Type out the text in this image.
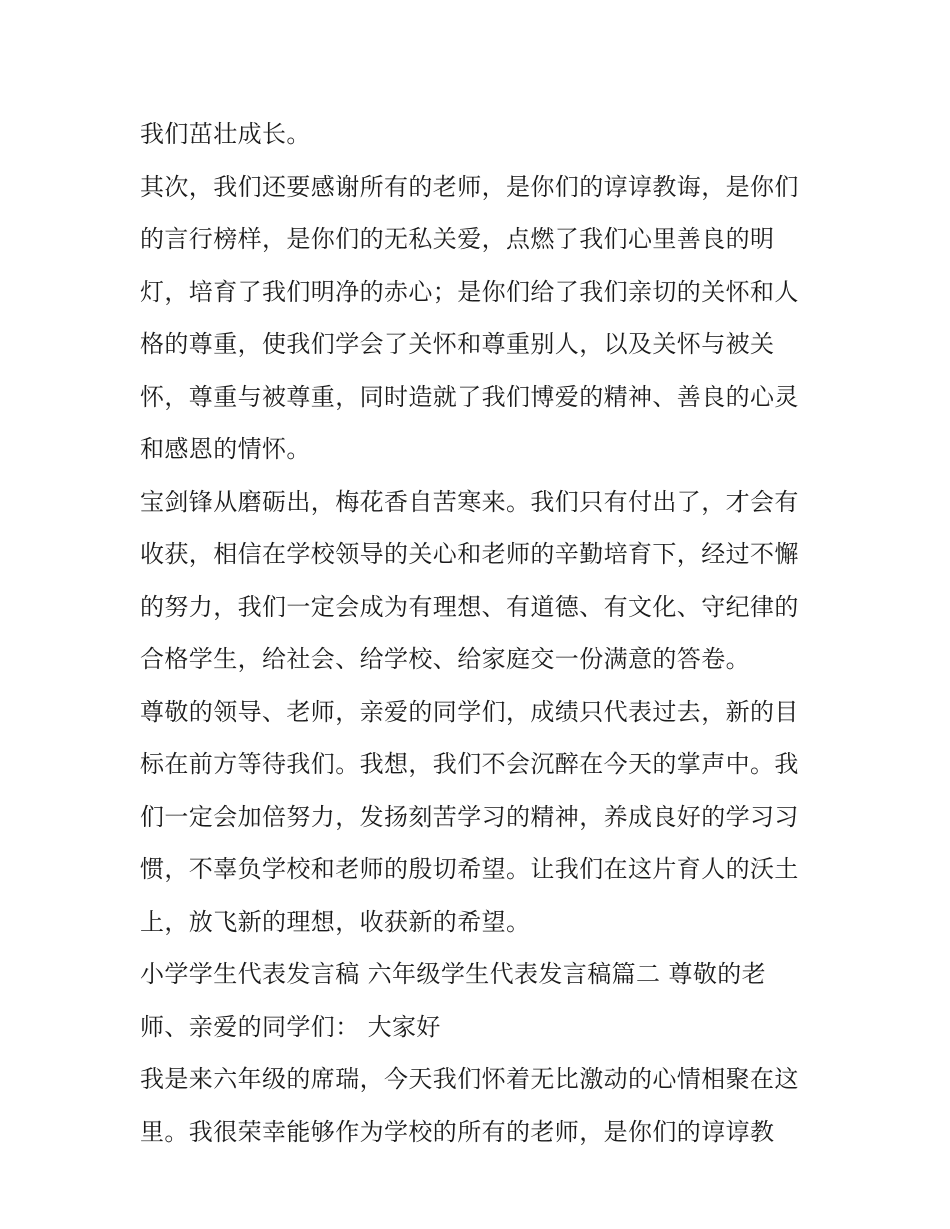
我们茁壮成长。
其次，我们还要感谢所有的老师，是你们的谆谆教诲，是你们
的言行榜样，是你们的无私关爱，点燃了我们心里善良的明
灯，培育了我们明净的赤心；是你们给了我们亲切的关怀和人
格的尊重，使我们学会了关怀和尊重别人，以及关怀与被关
怀，尊重与被尊重，同时造就了我们博爱的精神、善良的心灵
和感恩的情怀。
宝剑锋从磨砺出，梅花香自苦寒来。我们只有付出了，才会有
收获，相信在学校领导的关心和老师的辛勤培育下，经过不懈
的努力，我们一定会成为有理想、有道德、有文化、守纪律的
合格学生，给社会、给学校、给家庭交一份满意的答卷。
尊敬的领导、老师，亲爱的同学们，成绩只代表过去，新的目
标在前方等待我们。我想，我们不会沉醉在今天的掌声中。我
们一定会加倍努力，发扬刻苦学习的精神，养成良好的学习习
惯，不辜负学校和老师的殷切希望。让我们在这片育人的沃土
上，放飞新的理想，收获新的希望。
小学学生代表发言稿 六年级学生代表发言稿篇二 尊敬的老
师、亲爱的同学们： 大家好
我是来六年级的席瑞，今天我们怀着无比激动的心情相聚在这
里。我很荣幸能够作为学校的所有的老师，是你们的谆谆教
